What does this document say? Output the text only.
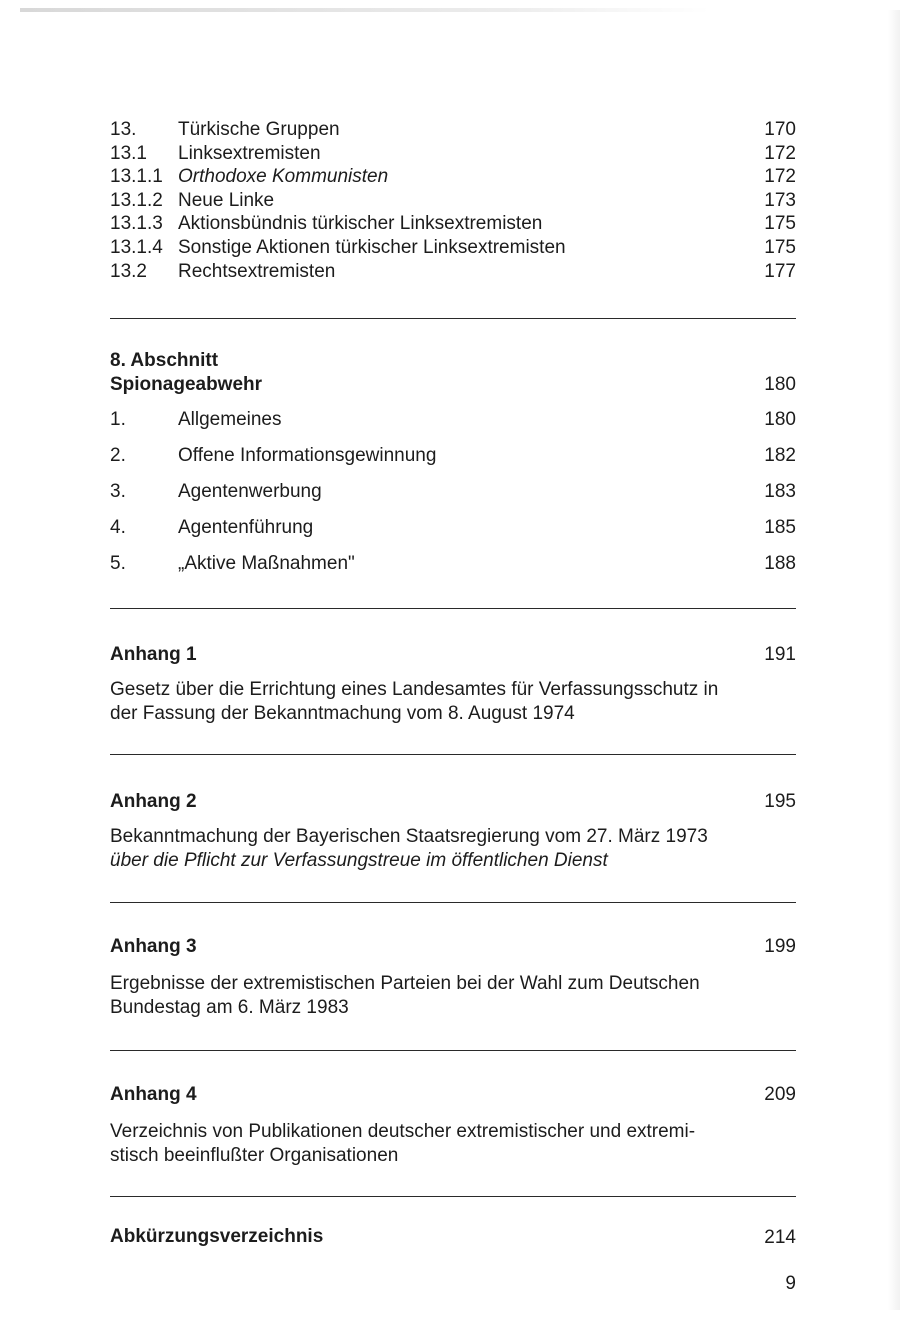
13. Türkische Gruppen	170
13.1 Linksextremisten	172
13.1.1 Orthodoxe Kommunisten	172
13.1.2 Neue Linke	173
13.1.3 Aktionsbündnis türkischer Linksextremisten	175
13.1.4 Sonstige Aktionen türkischer Linksextremisten	175
13.2 Rechtsextremisten	177
8. Abschnitt
Spionageabwehr	180
1.	Allgemeines	180
2.	Offene Informationsgewinnung	182
3.	Agentenwerbung	183
4.	Agentenführung	185
5.	„Aktive Maßnahmen"	188
Anhang 1	191
Gesetz über die Errichtung eines Landesamtes für Verfassungsschutz in
der Fassung der Bekanntmachung vom 8. August 1974
Anhang 2	195
Bekanntmachung der Bayerischen Staatsregierung vom 27. März 1973
über die Pflicht zur Verfassungstreue im öffentlichen Dienst
Anhang 3	199
Ergebnisse der extremistischen Parteien bei der Wahl zum Deutschen
Bundestag am 6. März 1983
Anhang 4	209
Verzeichnis von Publikationen deutscher extremistischer und extremi-
stisch beeinflußter Organisationen
Abkürzungsverzeichnis	214
9
